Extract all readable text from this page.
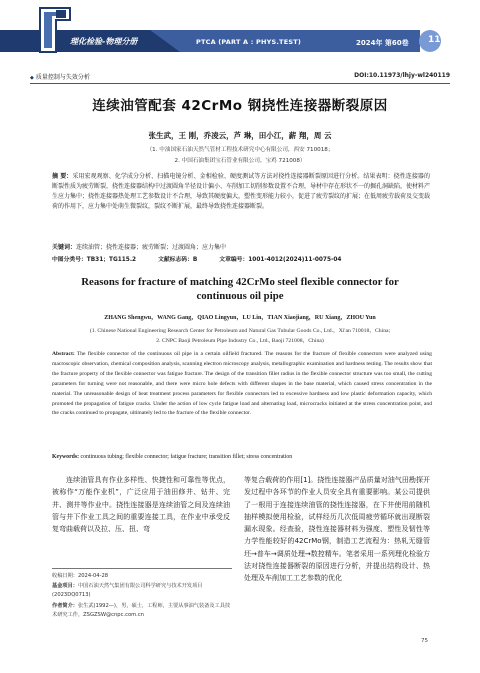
理化检验-物理分册	PTCA (PART A : PHYS.TEST)	2024年 第60卷 11
◆ 质量控制与失效分析	DOI:10.11973/lhjy-wl240119
连续油管配套 42CrMo 钢挠性连接器断裂原因
张生武，王 刚，乔凌云，芦 琳，田小江，薪 翔，周 云
（1. 中油国家石油天然气管材工程技术研究中心有限公司，西安 710018；
2. 中国石油集团宝石管业有限公司，宝鸡 721008）
摘 要：采用宏观观察、化学成分分析、扫描电镜分析、金相检验、硬度测试等方法对挠性连接器断裂原因进行分析。结果表明：挠性连接器的断裂性质为疲劳断裂，挠性连接器结构中过渡圆角半径设计偏小、车削加工切削参数设置不合理，导材中存在形状不一的掘孔洞缺陷，使材料产生应力集中；挠性连接器热处理工艺参数设计不合理，导致其硬度偏大，塑性变形能力较小，促进了疲劳裂纹的扩展；在低周疲劳载荷及交变载荷的作用下，应力集中处萌生微裂纹，裂纹不断扩展，最终导致挠性连接器断裂。
关键词：连续油管；挠性连接器；疲劳断裂；过渡圆角；应力集中
中图分类号：TB31；TG115.2	文献标志码：B	文章编号：1001-4012(2024)11-0075-04
Reasons for fracture of matching 42CrMo steel flexible connector for
continuous oil pipe
ZHANG Shengwu，WANG Gang，QIAO Lingyun，LU Lin，TIAN Xiaojiang，RU Xiang，ZHOU Yun
(1. Chinese National Engineering Research Center for Petroleum and Natural Gas Tubular Goods Co., Ltd.，Xi'an 710018，China;
2. CNPC Baoji Petroleum Pipe Industry Co., Ltd., Baoji 721008，China)
Abstract: The flexible connector of the continuous oil pipe in a certain oilfield fractured. The reasons for the fracture of flexible connectors were analyzed using macroscopic observation, chemical composition analysis, scanning electron microscopy analysis, metallographic examination and hardness testing. The results show that the fracture property of the flexible connector was fatigue fracture. The design of the transition fillet radius in the flexible connector structure was too small, the cutting parameters for turning were not reasonable, and there were micro hole defects with different shapes in the base material, which caused stress concentration in the material. The unreasonable design of heat treatment process parameters for flexible connectors led to excessive hardness and low plastic deformation capacity, which promoted the propagation of fatigue cracks. Under the action of low cycle fatigue load and alternating load, microcracks initiated at the stress concentration point, and the cracks continued to propagate, ultimately led to the fracture of the flexible connector.
Keywords: continuous tubing; flexible connector; fatigue fracture; transition fillet; stress concentration
连续油管具有作业多样性、快捷性和可靠性等优点，被称作“万能作业机”，广泛应用于油田修井、钻井、完井、测井等作业中。挠性连接器是连续油管之间及连续油管与井下作业工具之间的重要连接工具，在作业中承受反复弯曲载荷以及拉、压、扭、弯
等复合载荷的作用[1]。挠性连接器产品质量对油气田勘探开发过程中各环节的作业人员安全具有重要影响。某公司提供了一根用于连接连续油管的挠性连接器，在下井使用前随机抽样模拟使用检验，试样经历几次低周疲劳循环就出现断裂漏水现象。经查验，挠性连接器材料为强度、塑性及韧性等力学性能较好的42CrMo钢，制造工艺流程为：热轧无缝管坯→普车→调质处理→数控精车。笔者采用一系列理化检验方法对挠性连接器断裂的原因进行分析，并提出结构设计、热处理及车削加工工艺参数的优化
收稿日期：2024-04-28
基金项目：中国石油天然气集团有限公司科学研究与技术开发项目(2023DQ0713)
作者简介：张生武(1992—)，男，硕士，工程师，主要从事油气装备及工具技术研究工作，ZSGZSW@cnpc.com.cn
75
